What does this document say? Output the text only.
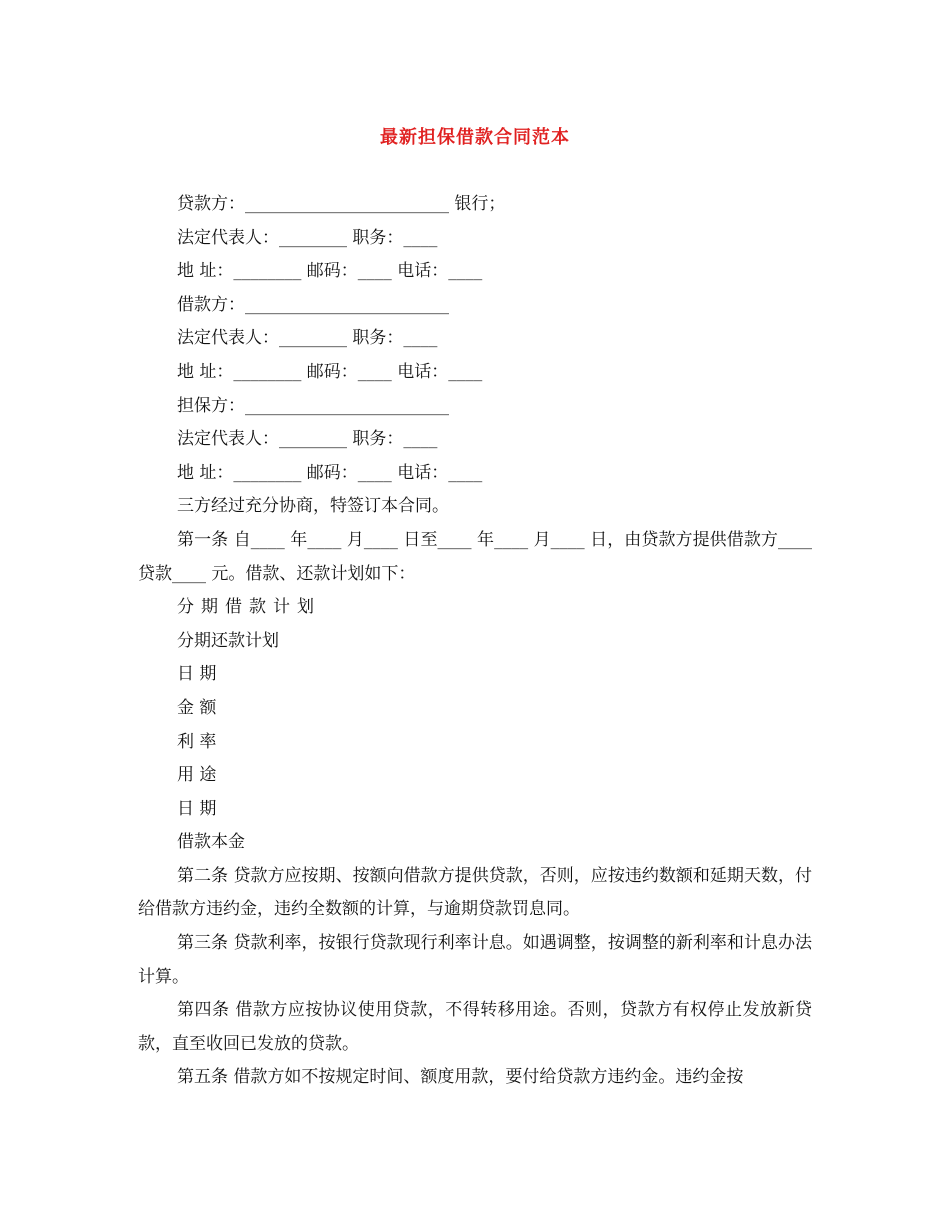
最新担保借款合同范本
贷款方：________________________ 银行；
法定代表人：________ 职务：____
地 址：________ 邮码：____ 电话：____
借款方：________________________
法定代表人：________ 职务：____
地 址：________ 邮码：____ 电话：____
担保方：________________________
法定代表人：________ 职务：____
地 址：________ 邮码：____ 电话：____
三方经过充分协商，特签订本合同。
第一条 自____ 年____ 月____ 日至____ 年____ 月____ 日，由贷款方提供借款方____ 贷款____ 元。借款、还款计划如下：
分期借款计划
分期还款计划
日 期
金 额
利 率
用 途
日 期
借款本金
第二条 贷款方应按期、按额向借款方提供贷款，否则，应按违约数额和延期天数，付给借款方违约金，违约全数额的计算，与逾期贷款罚息同。
第三条 贷款利率，按银行贷款现行利率计息。如遇调整，按调整的新利率和计息办法计算。
第四条 借款方应按协议使用贷款，不得转移用途。否则，贷款方有权停止发放新贷款，直至收回已发放的贷款。
第五条 借款方如不按规定时间、额度用款，要付给贷款方违约金。违约金按
